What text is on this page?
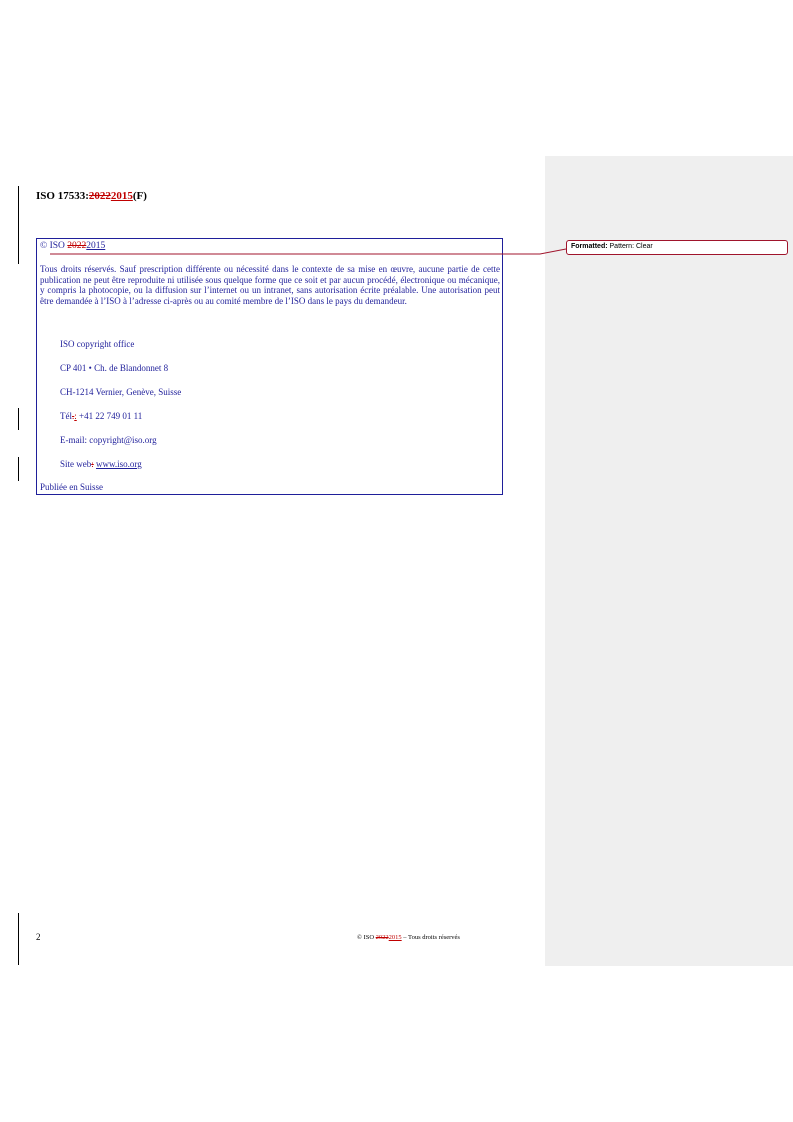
ISO 17533:20222015(F)
© ISO 20222015
Tous droits réservés. Sauf prescription différente ou nécessité dans le contexte de sa mise en œuvre, aucune partie de cette publication ne peut être reproduite ni utilisée sous quelque forme que ce soit et par aucun procédé, électronique ou mécanique, y compris la photocopie, ou la diffusion sur l’internet ou un intranet, sans autorisation écrite préalable. Une autorisation peut être demandée à l’ISO à l’adresse ci-après ou au comité membre de l’ISO dans le pays du demandeur.
ISO copyright office
CP 401 • Ch. de Blandonnet 8
CH-1214 Vernier, Genève, Suisse
Tél.: +41 22 749 01 11
E-mail: copyright@iso.org
Site web: www.iso.org
Publiée en Suisse
2	© ISO 20222015 – Tous droits réservés
Formatted: Pattern: Clear
